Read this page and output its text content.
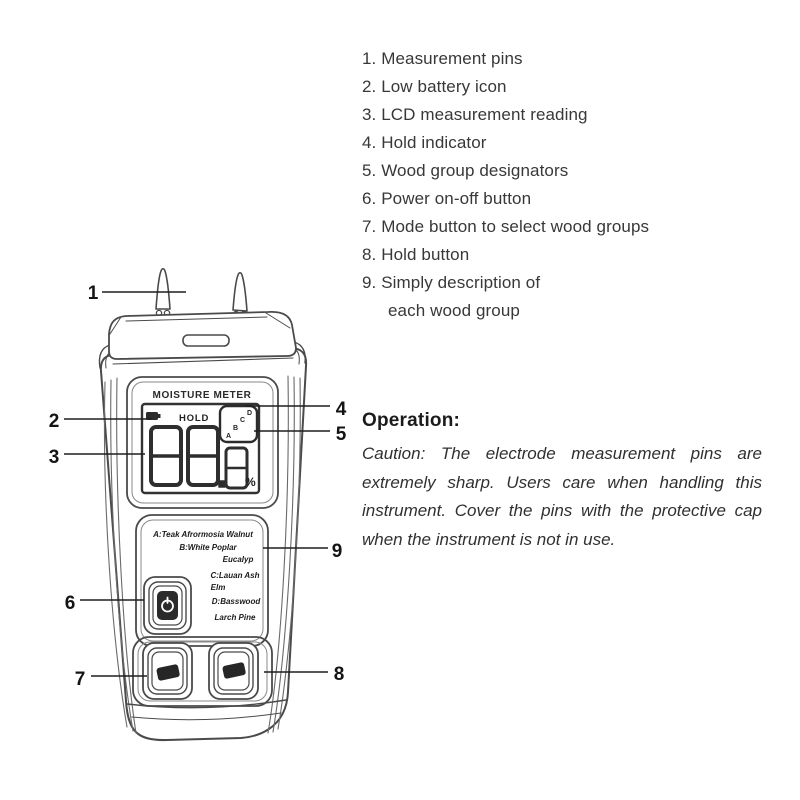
1. Measurement pins
2. Low battery icon
3. LCD measurement reading
4. Hold indicator
5. Wood group designators
6. Power on-off button
7. Mode button to select wood groups
8. Hold button
9. Simply description of
each wood group
Operation:

Caution: The electrode measurement pins are extremely sharp. Users care when handling this instrument. Cover the pins with the protective cap when the instrument is not in use.

MOISTURE METER
HOLD
A
B
C
D
%
A:Teak Afrormosia Walnut
B:White Poplar
Eucalyp
C:Lauan Ash
Elm
D:Basswood
Larch Pine
1
2
3
4
5
6
7	8
9
